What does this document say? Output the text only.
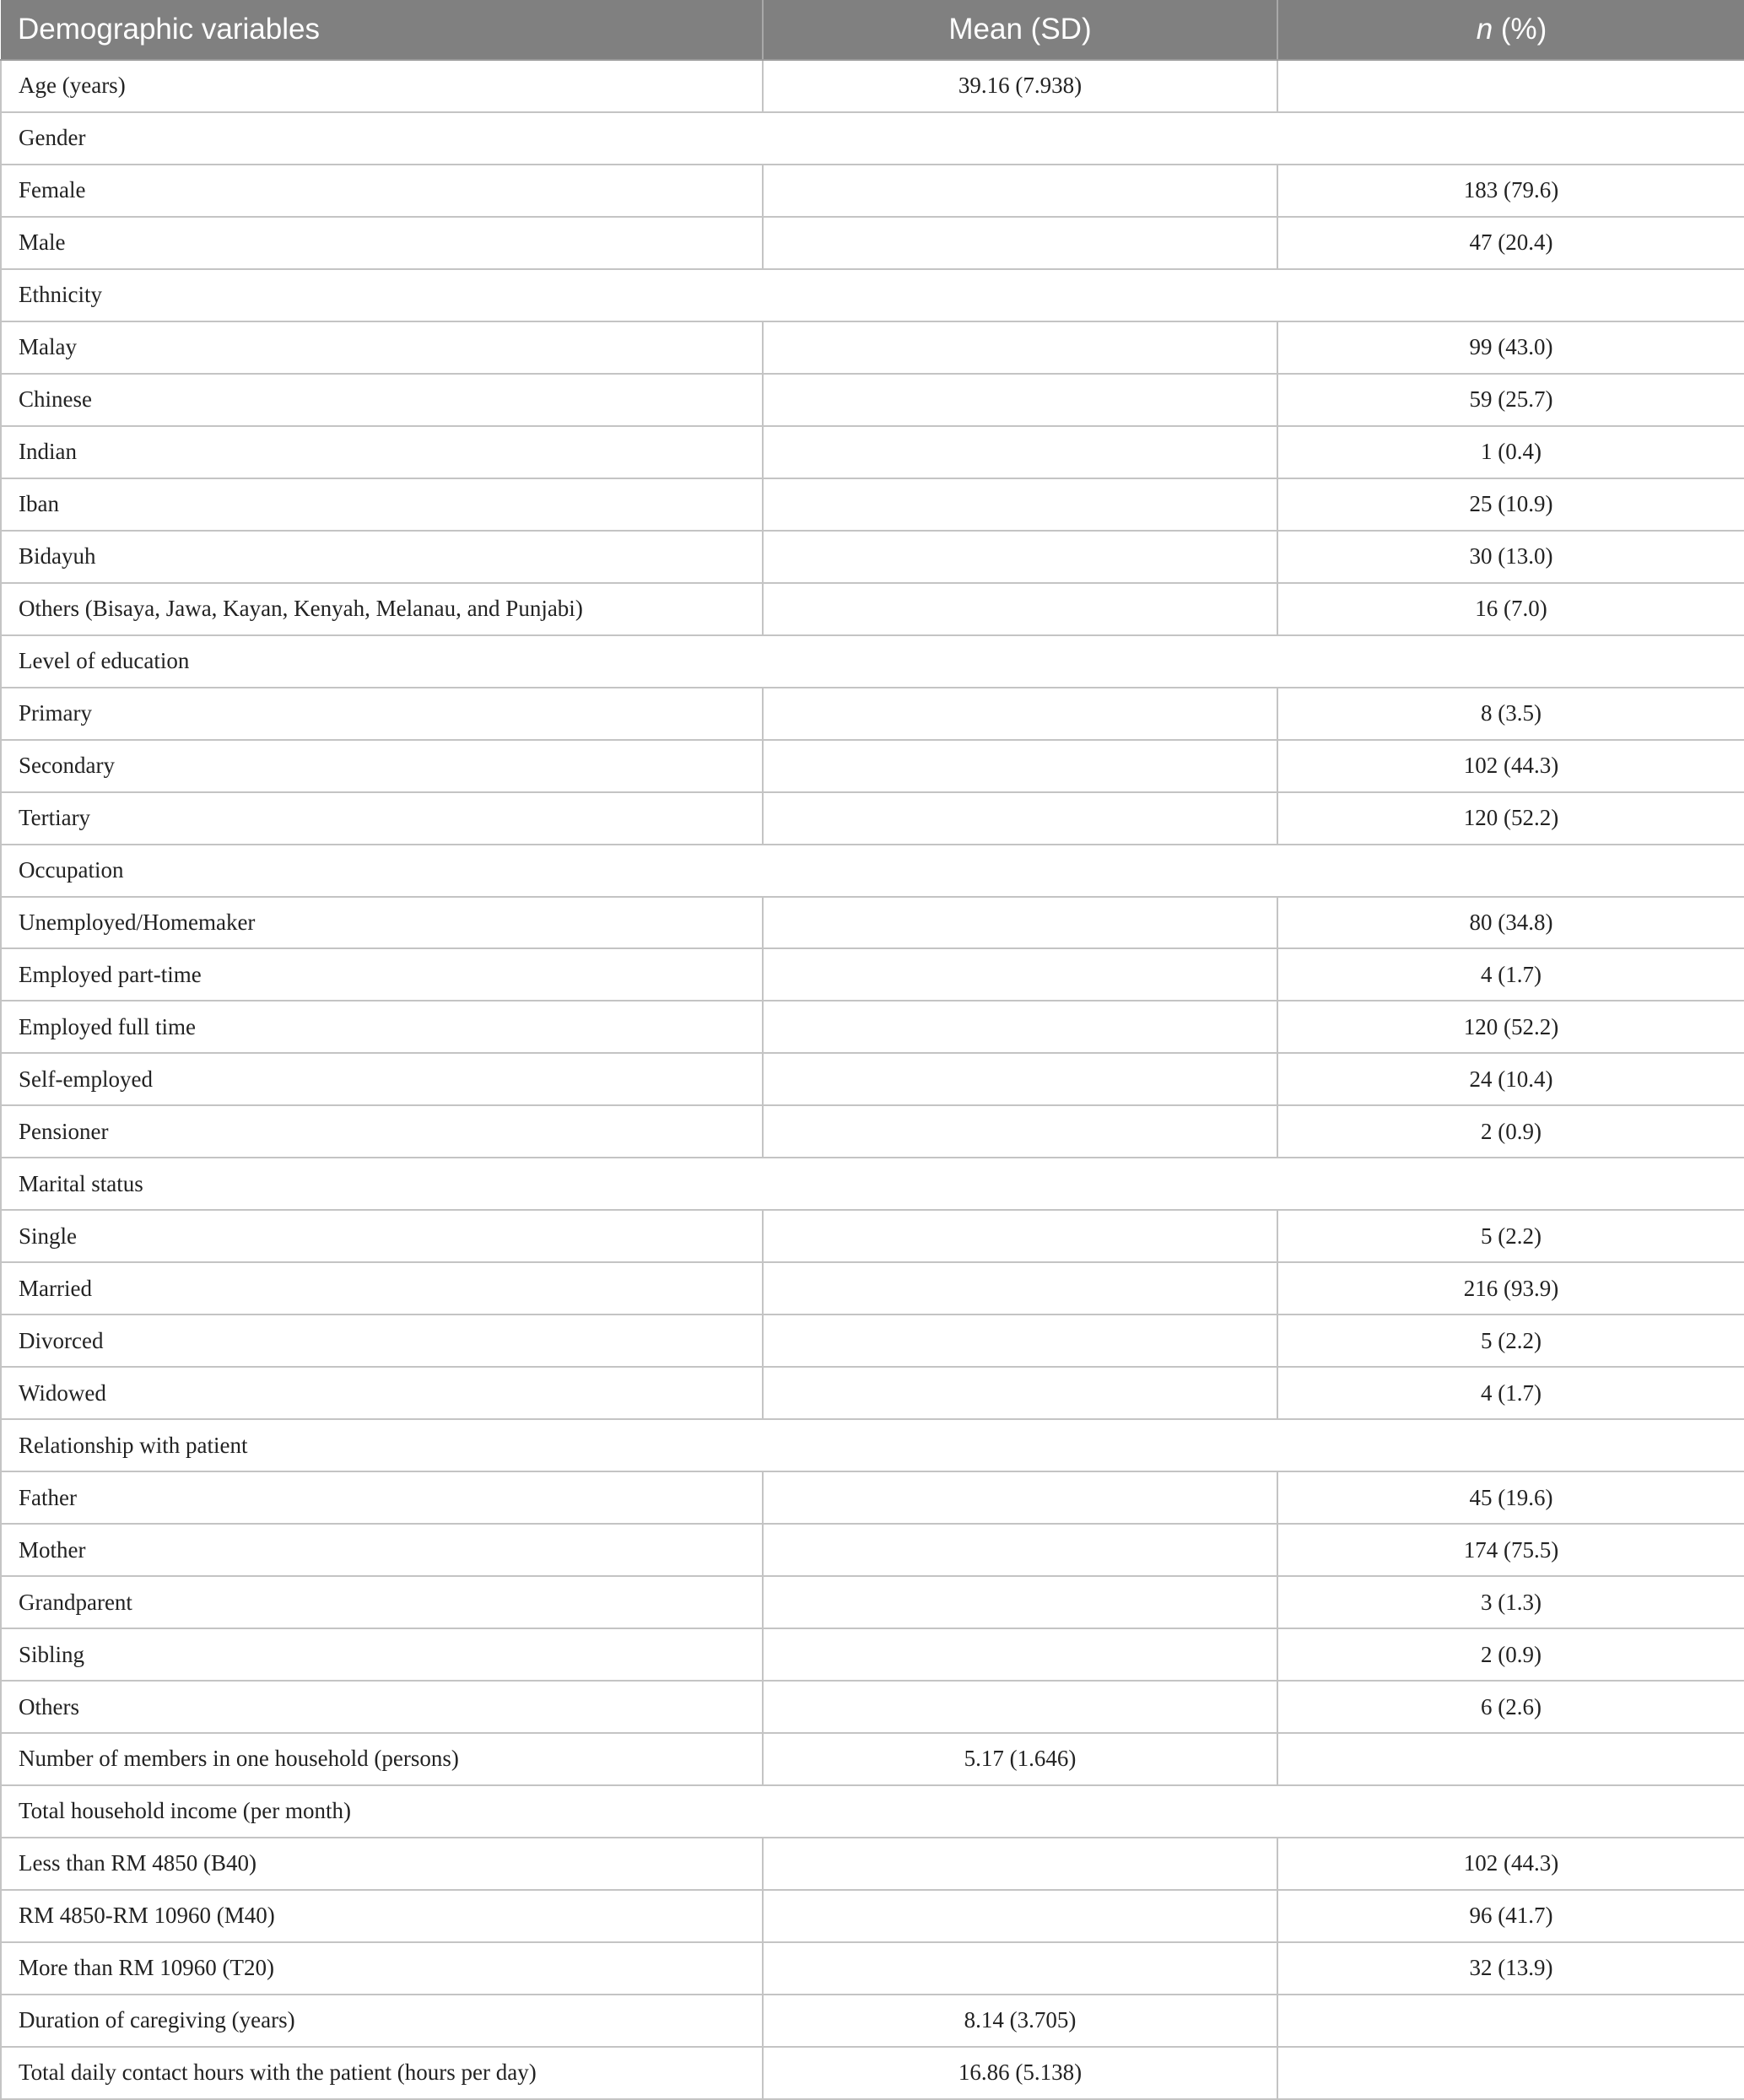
Demographic variables	Mean (SD)	n (%)
Age (years)	39.16 (7.938)	
Gender		
Female		183 (79.6)
Male		47 (20.4)
Ethnicity		
Malay		99 (43.0)
Chinese		59 (25.7)
Indian		1 (0.4)
Iban		25 (10.9)
Bidayuh		30 (13.0)
Others (Bisaya, Jawa, Kayan, Kenyah, Melanau, and Punjabi)		16 (7.0)
Level of education		
Primary		8 (3.5)
Secondary		102 (44.3)
Tertiary		120 (52.2)
Occupation		
Unemployed/Homemaker		80 (34.8)
Employed part-time		4 (1.7)
Employed full time		120 (52.2)
Self-employed		24 (10.4)
Pensioner		2 (0.9)
Marital status		
Single		5 (2.2)
Married		216 (93.9)
Divorced		5 (2.2)
Widowed		4 (1.7)
Relationship with patient		
Father		45 (19.6)
Mother		174 (75.5)
Grandparent		3 (1.3)
Sibling		2 (0.9)
Others		6 (2.6)
Number of members in one household (persons)	5.17 (1.646)	
Total household income (per month)		
Less than RM 4850 (B40)		102 (44.3)
RM 4850-RM 10960 (M40)		96 (41.7)
More than RM 10960 (T20)		32 (13.9)
Duration of caregiving (years)	8.14 (3.705)	
Total daily contact hours with the patient (hours per day)	16.86 (5.138)	
